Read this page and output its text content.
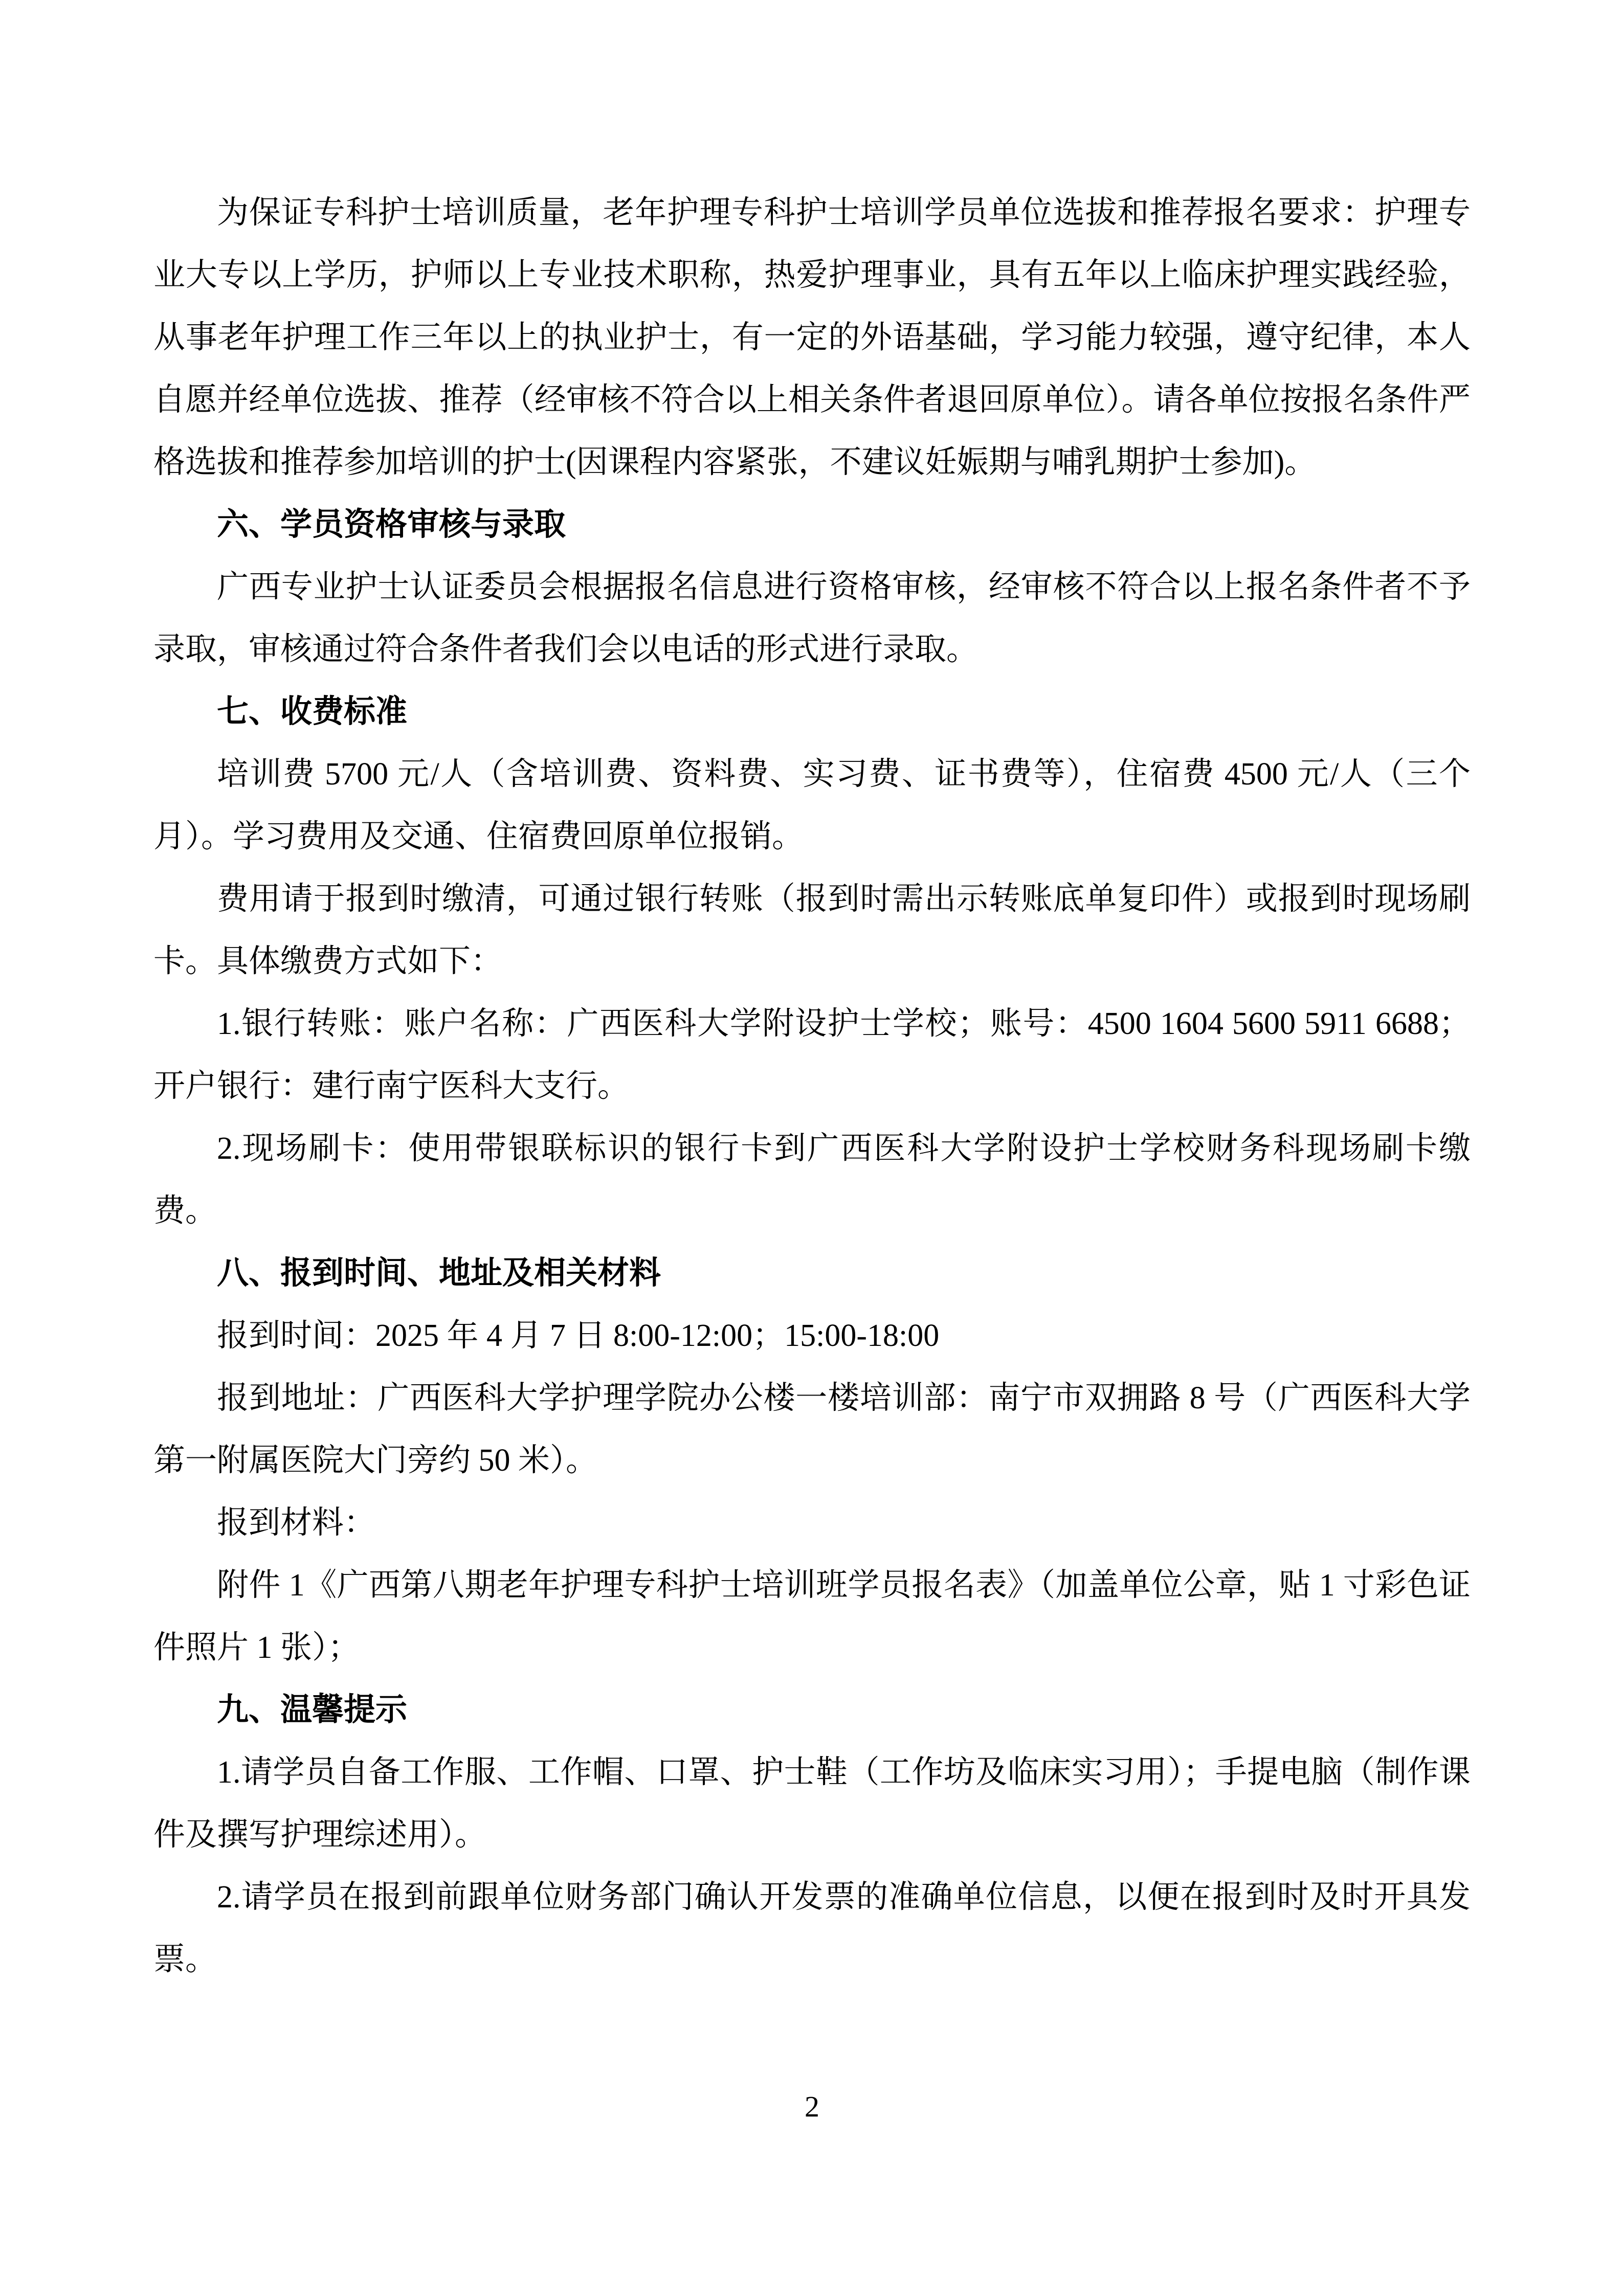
为保证专科护士培训质量，老年护理专科护士培训学员单位选拔和推荐报名要求：护理专业大专以上学历，护师以上专业技术职称，热爱护理事业，具有五年以上临床护理实践经验，从事老年护理工作三年以上的执业护士，有一定的外语基础，学习能力较强，遵守纪律，本人自愿并经单位选拔、推荐（经审核不符合以上相关条件者退回原单位）。请各单位按报名条件严格选拔和推荐参加培训的护士(因课程内容紧张，不建议妊娠期与哺乳期护士参加)。

六、学员资格审核与录取

广西专业护士认证委员会根据报名信息进行资格审核，经审核不符合以上报名条件者不予录取，审核通过符合条件者我们会以电话的形式进行录取。

七、收费标准

培训费 5700 元/人（含培训费、资料费、实习费、证书费等），住宿费 4500 元/人（三个月）。学习费用及交通、住宿费回原单位报销。

费用请于报到时缴清，可通过银行转账（报到时需出示转账底单复印件）或报到时现场刷卡。具体缴费方式如下：

1.银行转账：账户名称：广西医科大学附设护士学校；账号：4500 1604 5600 5911 6688；开户银行：建行南宁医科大支行。

2.现场刷卡：使用带银联标识的银行卡到广西医科大学附设护士学校财务科现场刷卡缴费。

八、报到时间、地址及相关材料

报到时间：2025 年 4 月 7 日 8:00-12:00；15:00-18:00

报到地址：广西医科大学护理学院办公楼一楼培训部：南宁市双拥路 8 号（广西医科大学第一附属医院大门旁约 50 米）。

报到材料：

附件 1《广西第八期老年护理专科护士培训班学员报名表》（加盖单位公章，贴 1 寸彩色证件照片 1 张）；

九、温馨提示

1.请学员自备工作服、工作帽、口罩、护士鞋（工作坊及临床实习用）；手提电脑（制作课件及撰写护理综述用）。

2.请学员在报到前跟单位财务部门确认开发票的准确单位信息，以便在报到时及时开具发票。

2
